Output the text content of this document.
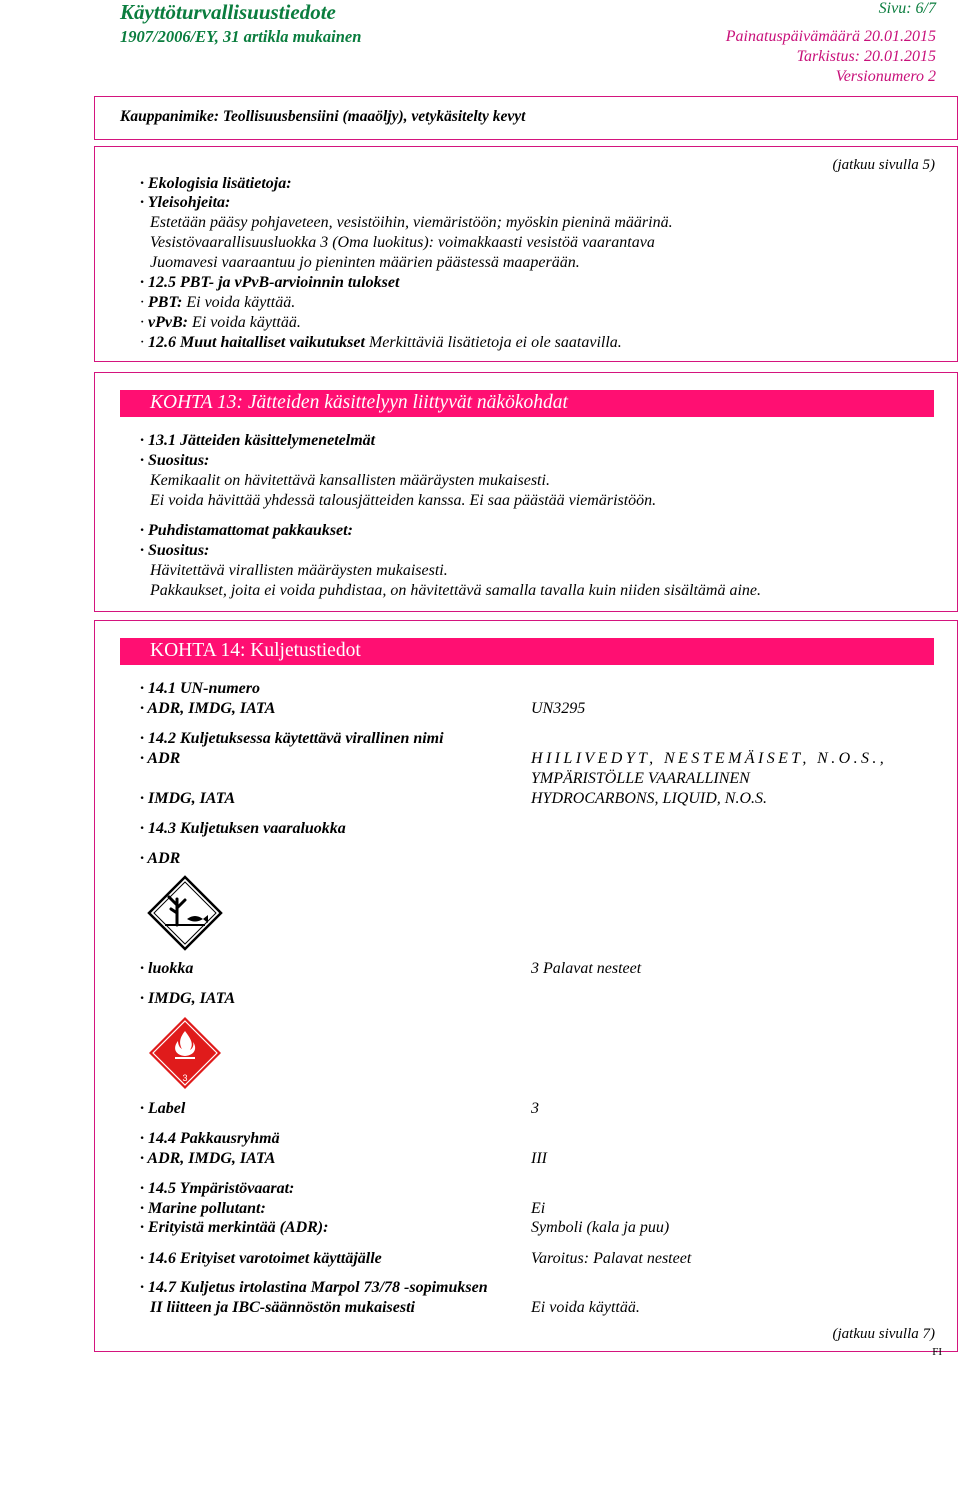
Käyttöturvallisuustiedote
1907/2006/EY, 31 artikla mukainen
Sivu: 6/7
Painatuspäivämäärä 20.01.2015
Tarkistus: 20.01.2015
Versionumero 2
Kauppanimike: Teollisuusbensiini (maaöljy), vetykäsitelty kevyt
(jatkuu sivulla 5)
· Ekologisia lisätietoja:
· Yleisohjeita:
Estetään pääsy pohjaveteen, vesistöihin, viemäristöön; myöskin pieninä määrinä.
Vesistövaarallisuusluokka 3 (Oma luokitus): voimakkaasti vesistöä vaarantava
Juomavesi vaaraantuu jo pieninten määrien päästessä maaperään.
· 12.5 PBT- ja vPvB-arvioinnin tulokset
· PBT: Ei voida käyttää.
· vPvB: Ei voida käyttää.
· 12.6 Muut haitalliset vaikutukset Merkittäviä lisätietoja ei ole saatavilla.
KOHTA 13: Jätteiden käsittelyyn liittyvät näkökohdat
· 13.1 Jätteiden käsittelymenetelmät
· Suositus:
Kemikaalit on hävitettävä kansallisten määräysten mukaisesti.
Ei voida hävittää yhdessä talousjätteiden kanssa. Ei saa päästää viemäristöön.
· Puhdistamattomat pakkaukset:
· Suositus:
Hävitettävä virallisten määräysten mukaisesti.
Pakkaukset, joita ei voida puhdistaa, on hävitettävä samalla tavalla kuin niiden sisältämä aine.
KOHTA 14: Kuljetustiedot
· 14.1 UN-numero
· ADR, IMDG, IATA	UN3295
· 14.2 Kuljetuksessa käytettävä virallinen nimi
· ADR	HIILIVEDYT, NESTEMÄISET, N.O.S.,
YMPÄRISTÖLLE VAARALLINEN
· IMDG, IATA	HYDROCARBONS, LIQUID, N.O.S.
· 14.3 Kuljetuksen vaaraluokka
· ADR
· luokka	3 Palavat nesteet
· IMDG, IATA
3
· Label	3
· 14.4 Pakkausryhmä
· ADR, IMDG, IATA	III
· 14.5 Ympäristövaarat:
· Marine pollutant:	Ei
· Erityistä merkintää (ADR):	Symboli (kala ja puu)
· 14.6 Erityiset varotoimet käyttäjälle	Varoitus: Palavat nesteet
· 14.7 Kuljetus irtolastina Marpol 73/78 -sopimuksen
II liitteen ja IBC-säännöstön mukaisesti	Ei voida käyttää.
(jatkuu sivulla 7)
FI
